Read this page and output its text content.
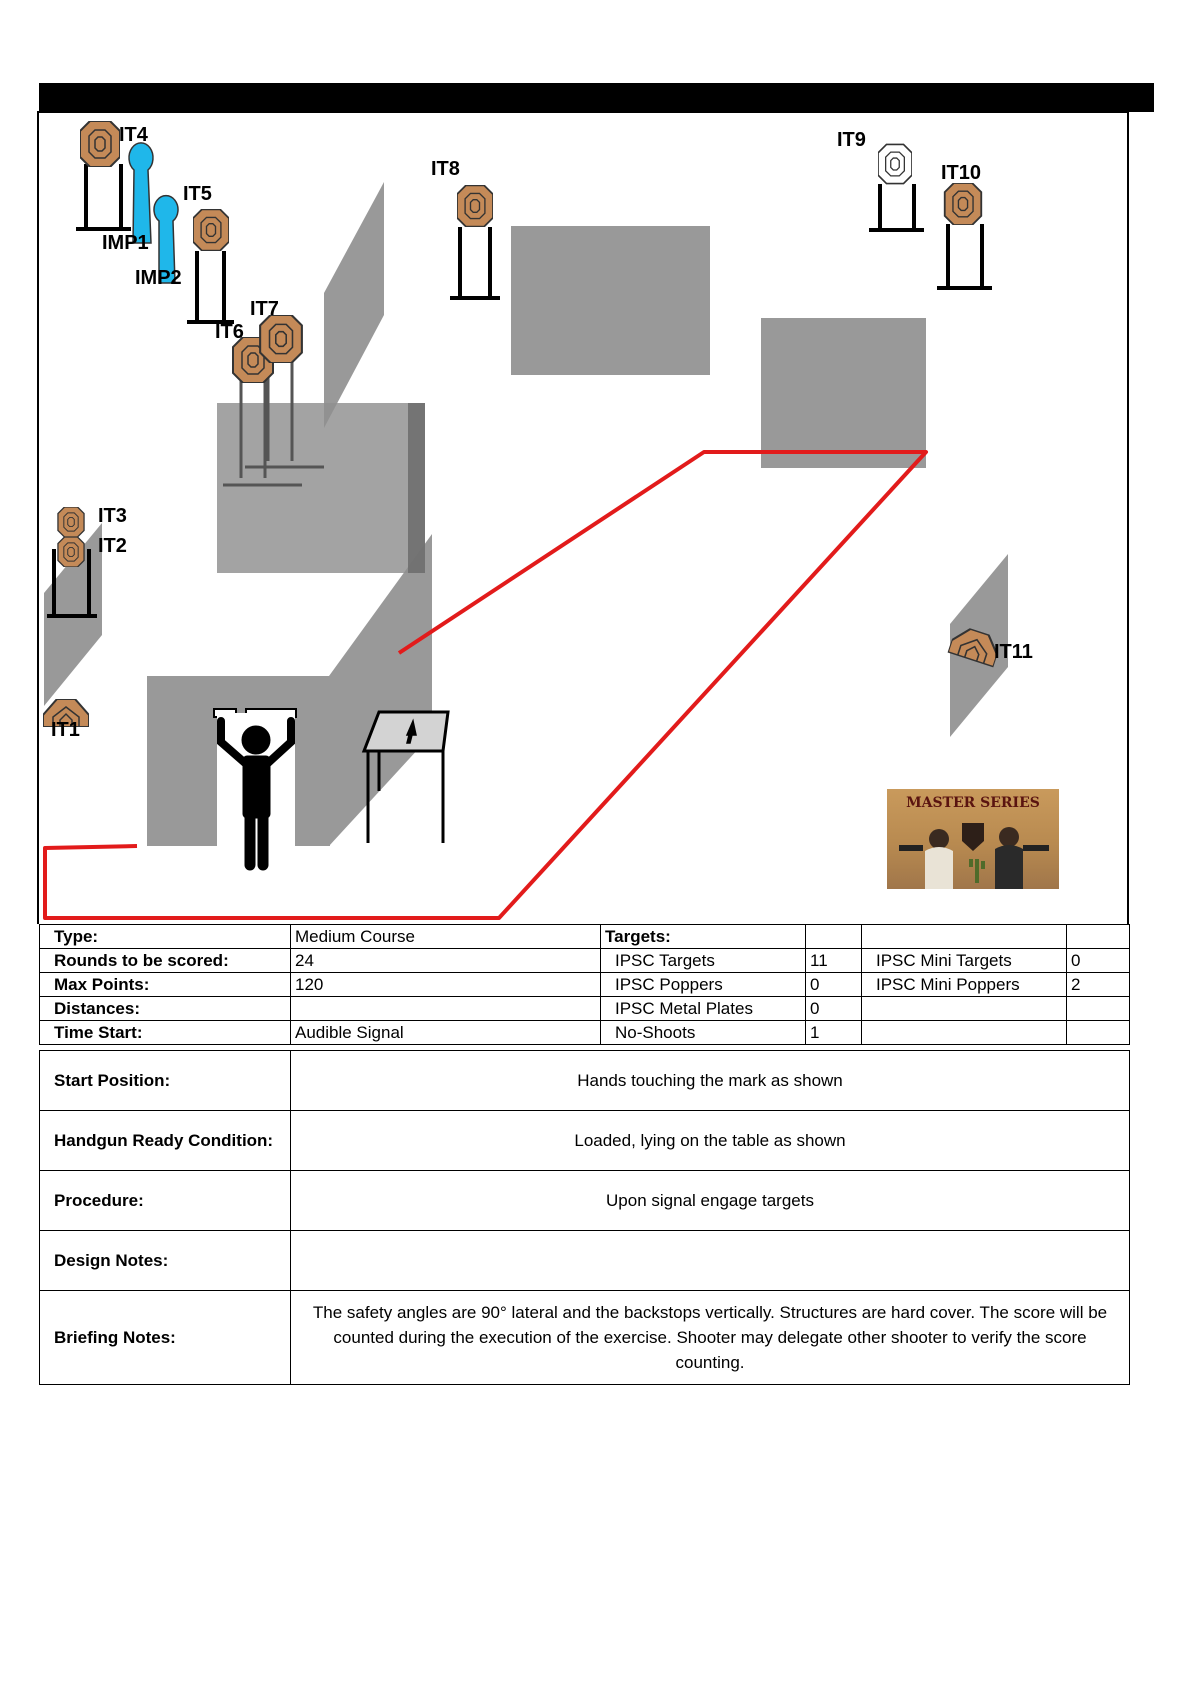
IT4
IT5
IMP1
IMP2
IT8
IT9
IT10
IT7
IT6
IT3
IT2
IT11
IT1
MASTER SERIES
Type:	Medium Course	Targets:			
Rounds to be scored:	24	IPSC Targets	11	IPSC Mini Targets	0
Max Points:	120	IPSC Poppers	0	IPSC Mini Poppers	2
Distances:		IPSC Metal Plates	0		
Time Start:	Audible Signal	No-Shoots	1		
Start Position:	Hands touching the mark as shown
Handgun Ready Condition:	Loaded, lying on the table as shown
Procedure:	Upon signal engage targets
Design Notes:	
Briefing Notes:	The safety angles are 90° lateral and the backstops vertically. Structures are hard cover. The score will be counted during the execution of the exercise. Shooter may delegate other shooter to verify the score counting.
